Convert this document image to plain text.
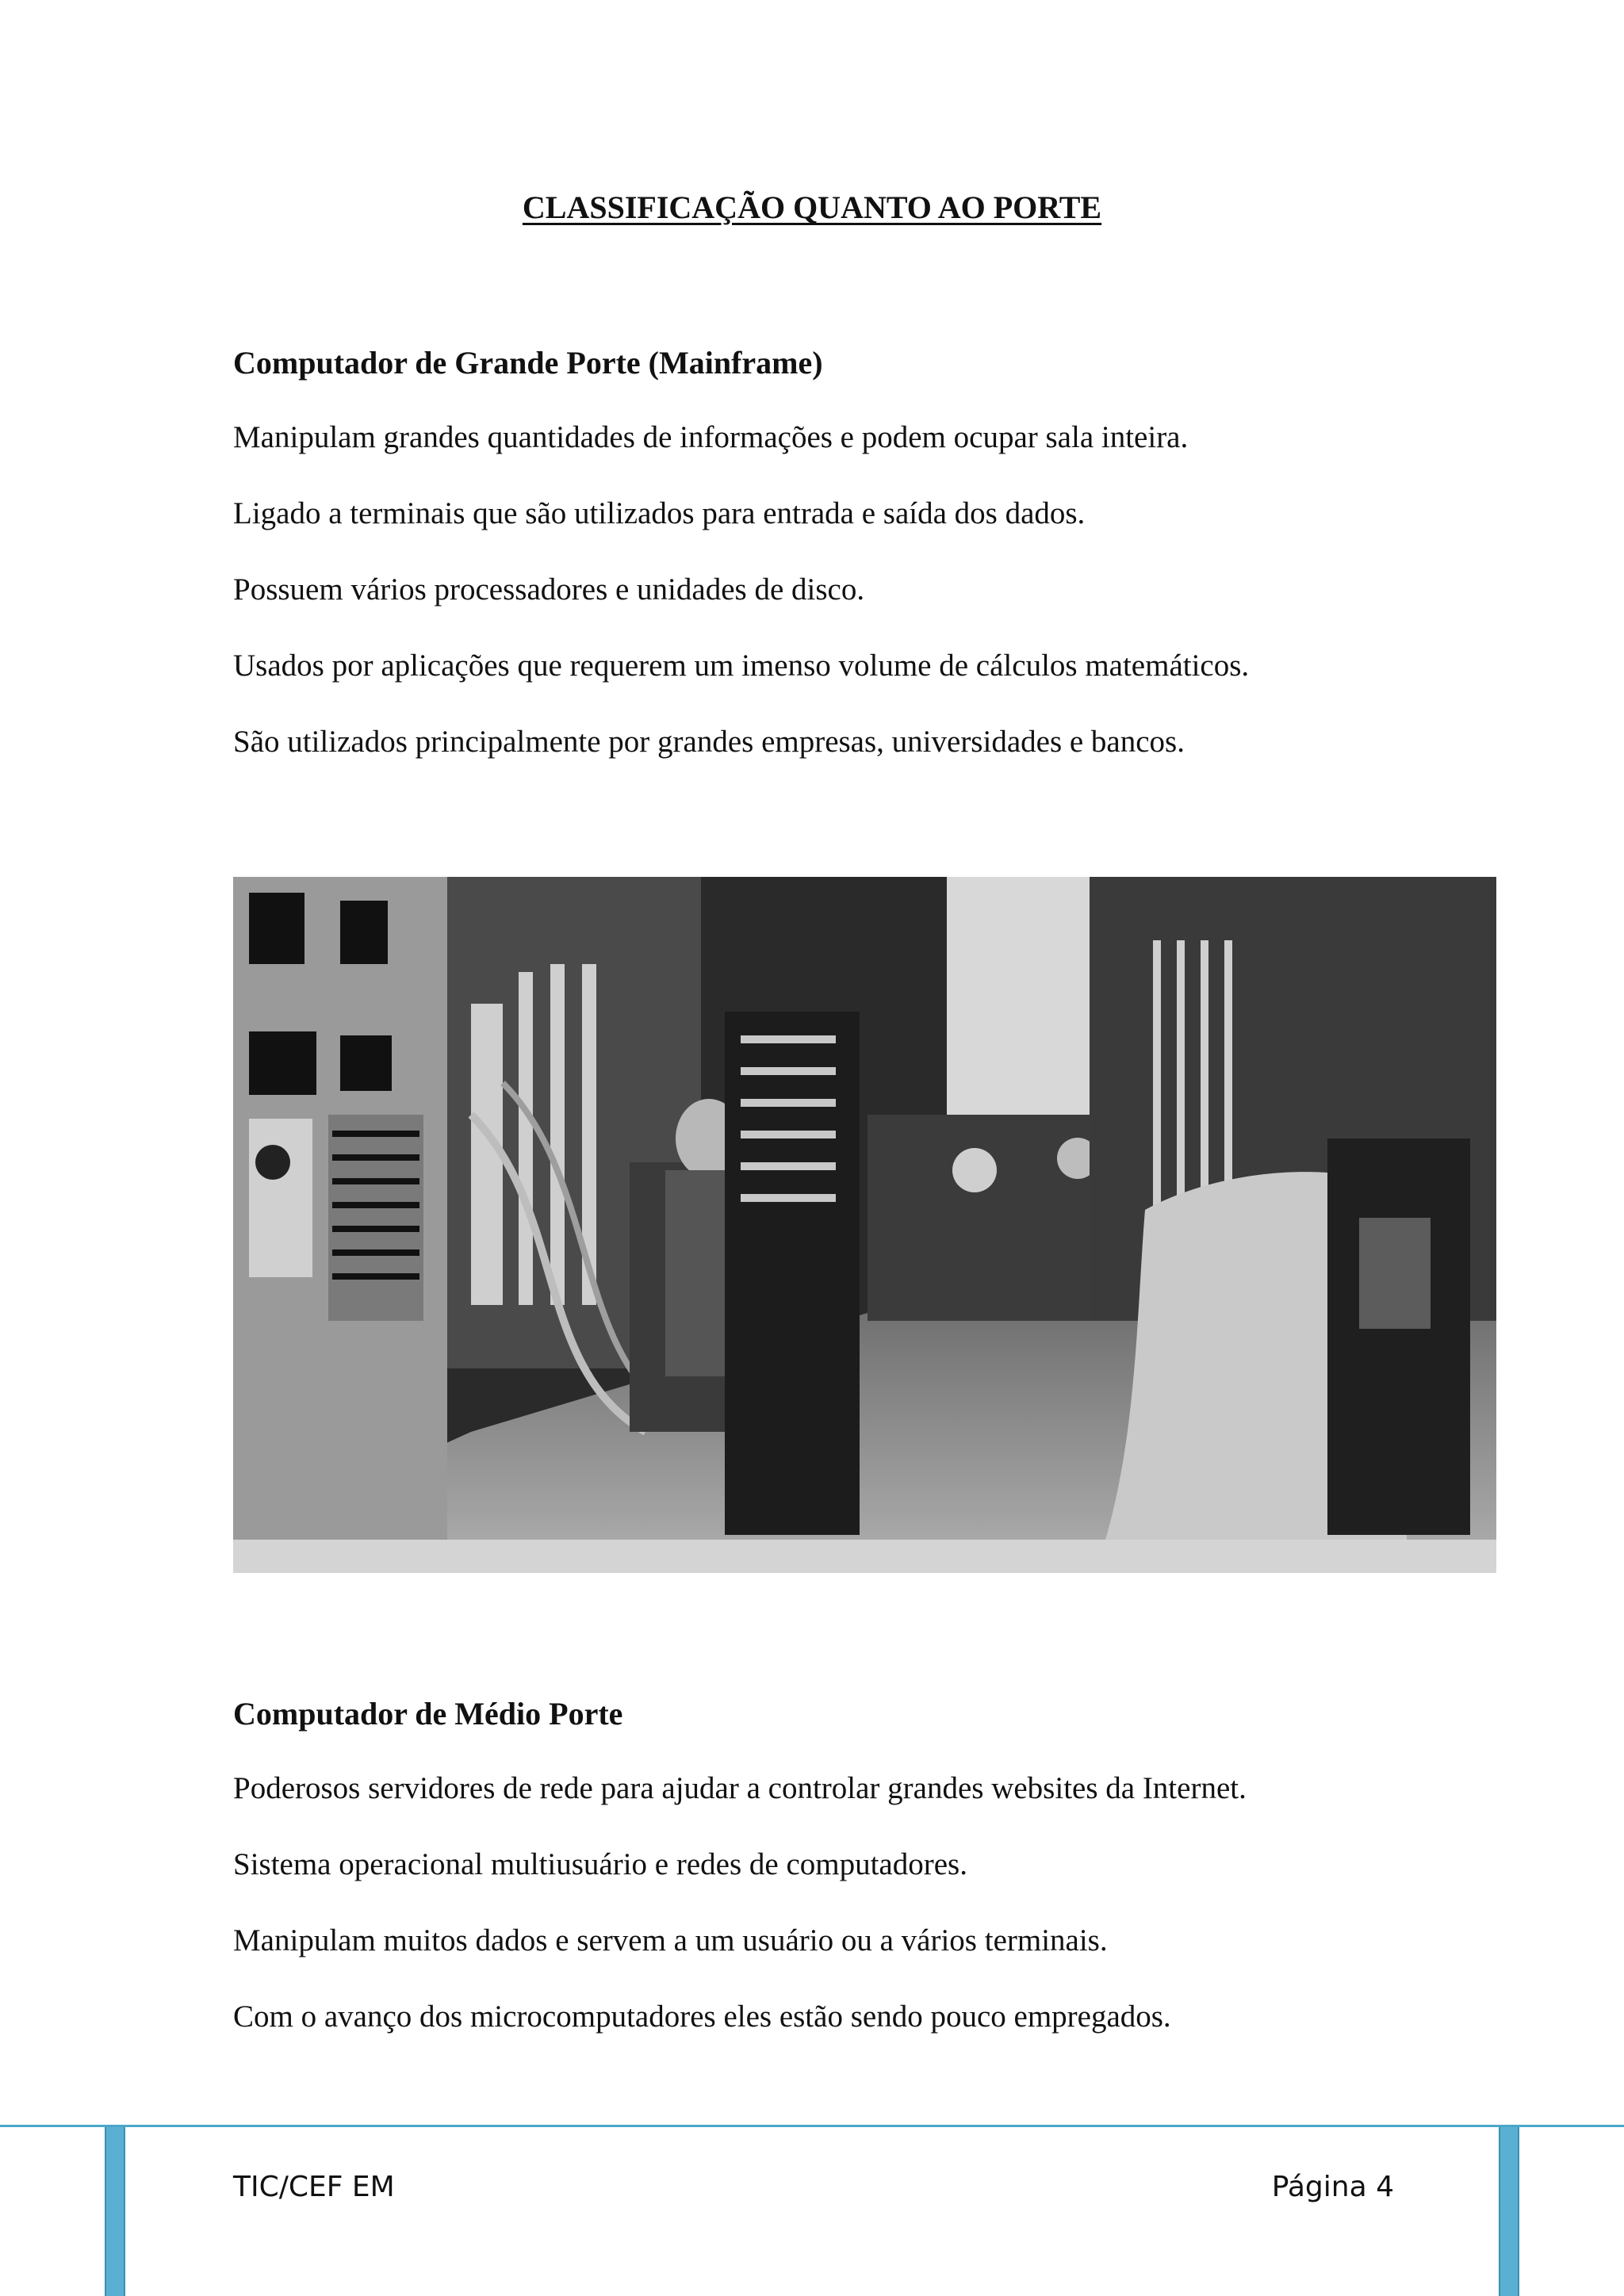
CLASSIFICAÇÃO QUANTO AO PORTE
Computador de Grande Porte (Mainframe)

Manipulam grandes quantidades de informações e podem ocupar sala inteira.

Ligado a terminais que são utilizados para entrada e saída dos dados.

Possuem vários processadores e unidades de disco.

Usados por aplicações que requerem um imenso volume de cálculos matemáticos.

São utilizados principalmente por grandes empresas, universidades e bancos.

Computador de Médio Porte

Poderosos servidores de rede para ajudar a controlar grandes websites da Internet.

Sistema operacional multiusuário e redes de computadores.

Manipulam muitos dados e servem a um usuário ou a vários terminais.

Com o avanço dos microcomputadores eles estão sendo pouco empregados.

TIC/CEF EM	Página 4
